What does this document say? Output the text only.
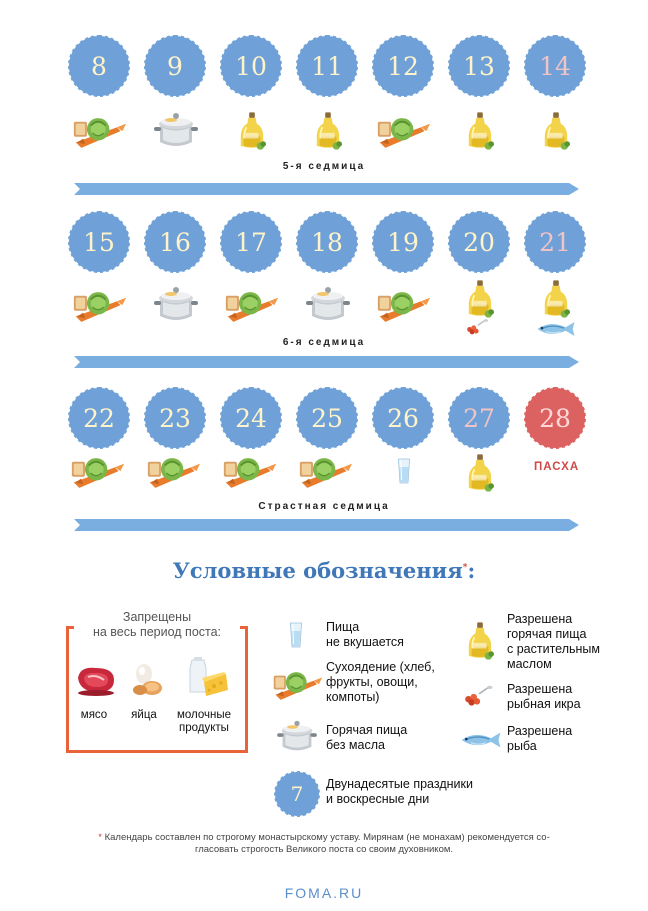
8 9 10 11 12 13 14
5-я седмица
15 16 17 18 19 20 21
6-я седмица
22 23 24 25 26 27 28
ПАСХА
Страстная седмица
Условные обозначения*:
Запрещены
на весь период поста:
мясо	яйца	молочные
продукты
Пища
не вкушается
Сухоядение (хлеб,
фрукты, овощи,
компоты)
Горячая пища
без масла
7 Двунадесятые праздники
и воскресные дни
Разрешена
горячая пища
с растительным
маслом
Разрешена
рыбная икра
Разрешена
рыба
* Календарь составлен по строгому монастырскому уставу. Мирянам (не монахам) рекомендуется со-
гласовать строгость Великого поста со своим духовником.
FOMA.RU
